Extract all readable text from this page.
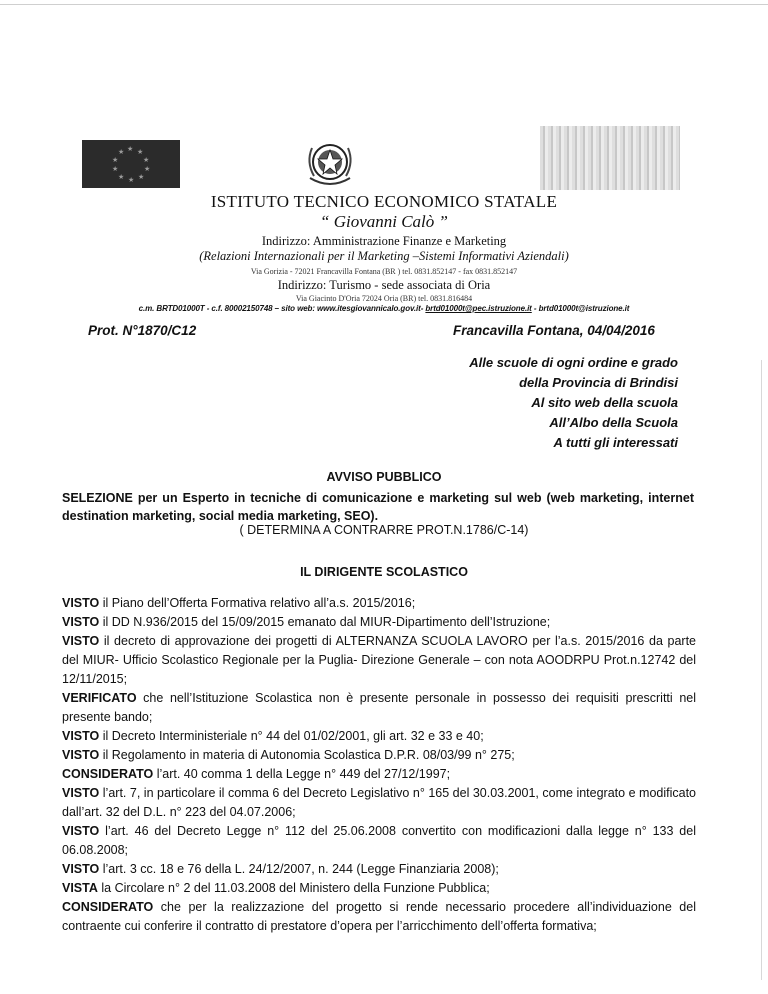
★ ★
★
★
★
★
★
★
★
★
ISTITUTO TECNICO ECONOMICO STATALE
“ Giovanni Calò ”
Indirizzo: Amministrazione Finanze e Marketing
(Relazioni Internazionali per il Marketing –Sistemi Informativi Aziendali)
Via Gorizia - 72021 Francavilla Fontana (BR ) tel. 0831.852147 - fax 0831.852147
Indirizzo: Turismo - sede associata di Oria
Via Giacinto D'Oria 72024 Oria (BR) tel. 0831.816484
c.m. BRTD01000T - c.f. 80002150748 – sito web: www.itesgiovannicalo.gov.it- brtd01000t@pec.istruzione.it - brtd01000t@istruzione.it
Prot. N°1870/C12	Francavilla Fontana, 04/04/2016
Alle scuole di ogni ordine e grado
della Provincia di Brindisi
Al sito web della scuola
All’Albo della Scuola
A tutti gli interessati
AVVISO PUBBLICO
SELEZIONE per un Esperto in tecniche di comunicazione e marketing sul web (web marketing, internet destination marketing, social media marketing, SEO).
( DETERMINA A CONTRARRE PROT.N.1786/C-14)
IL DIRIGENTE SCOLASTICO

VISTO il Piano dell’Offerta Formativa relativo all’a.s. 2015/2016;

VISTO il DD N.936/2015 del 15/09/2015 emanato dal MIUR-Dipartimento dell’Istruzione;

VISTO il decreto di approvazione dei progetti di ALTERNANZA SCUOLA LAVORO per l’a.s. 2015/2016 da parte del MIUR- Ufficio Scolastico Regionale per la Puglia- Direzione Generale – con nota AOODRPU Prot.n.12742 del 12/11/2015;

VERIFICATO che nell’Istituzione Scolastica non è presente personale in possesso dei requisiti prescritti nel presente bando;

VISTO il Decreto Interministeriale n° 44 del 01/02/2001, gli art. 32 e 33 e 40;

VISTO il Regolamento in materia di Autonomia Scolastica D.P.R. 08/03/99 n° 275;

CONSIDERATO l’art. 40 comma 1 della Legge n° 449 del 27/12/1997;

VISTO l’art. 7, in particolare il comma 6 del Decreto Legislativo n° 165 del 30.03.2001, come integrato e modificato dall’art. 32 del D.L. n° 223 del 04.07.2006;

VISTO l’art. 46 del Decreto Legge n° 112 del 25.06.2008 convertito con modificazioni dalla legge n° 133 del 06.08.2008;

VISTO l’art. 3 cc. 18 e 76 della L. 24/12/2007, n. 244 (Legge Finanziaria 2008);

VISTA la Circolare n° 2 del 11.03.2008 del Ministero della Funzione Pubblica;

CONSIDERATO che per la realizzazione del progetto si rende necessario procedere all’individuazione del contraente cui conferire il contratto di prestatore d’opera per l’arricchimento dell’offerta formativa;
